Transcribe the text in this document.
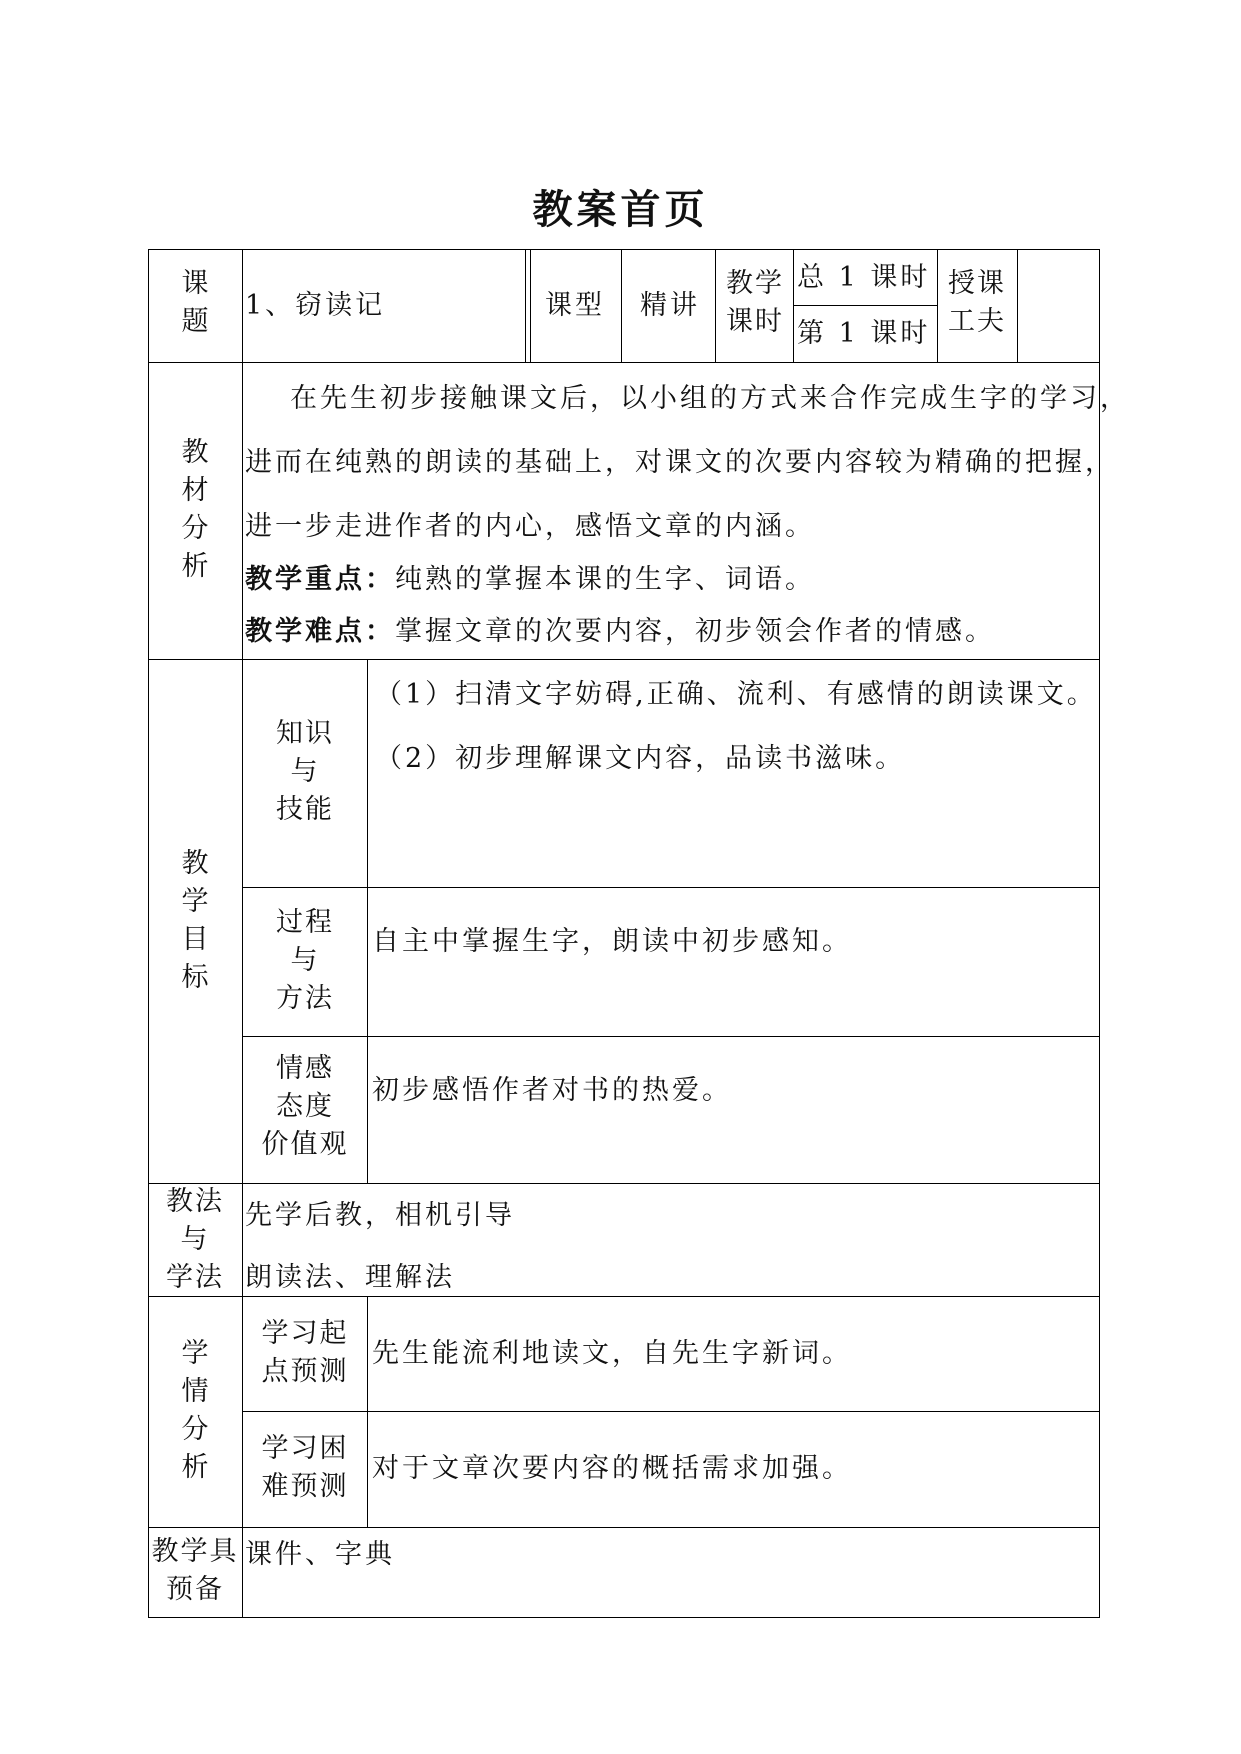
教案首页
课题
1、窃读记	课型 精讲
教学课时
总 1 课时
第 1 课时
授课工夫
教材分析
在先生初步接触课文后，以小组的方式来合作完成生字的学习，
进而在纯熟的朗读的基础上，对课文的次要内容较为精确的把握，
进一步走进作者的内心，感悟文章的内涵。
教学重点：纯熟的掌握本课的生字、词语。
教学难点：掌握文章的次要内容，初步领会作者的情感。
教学目标
知识
与
技能
（1）扫清文字妨碍,正确、流利、有感情的朗读课文。
（2）初步理解课文内容，品读书滋味。
过程
与
方法
自主中掌握生字，朗读中初步感知。
情感
态度
价值观
初步感悟作者对书的热爱。
教法
与
学法
先学后教，相机引导
朗读法、理解法
学情分析
学习起
点预测
先生能流利地读文，自先生字新词。
学习困
难预测
对于文章次要内容的概括需求加强。
教学具
预备
课件、字典
